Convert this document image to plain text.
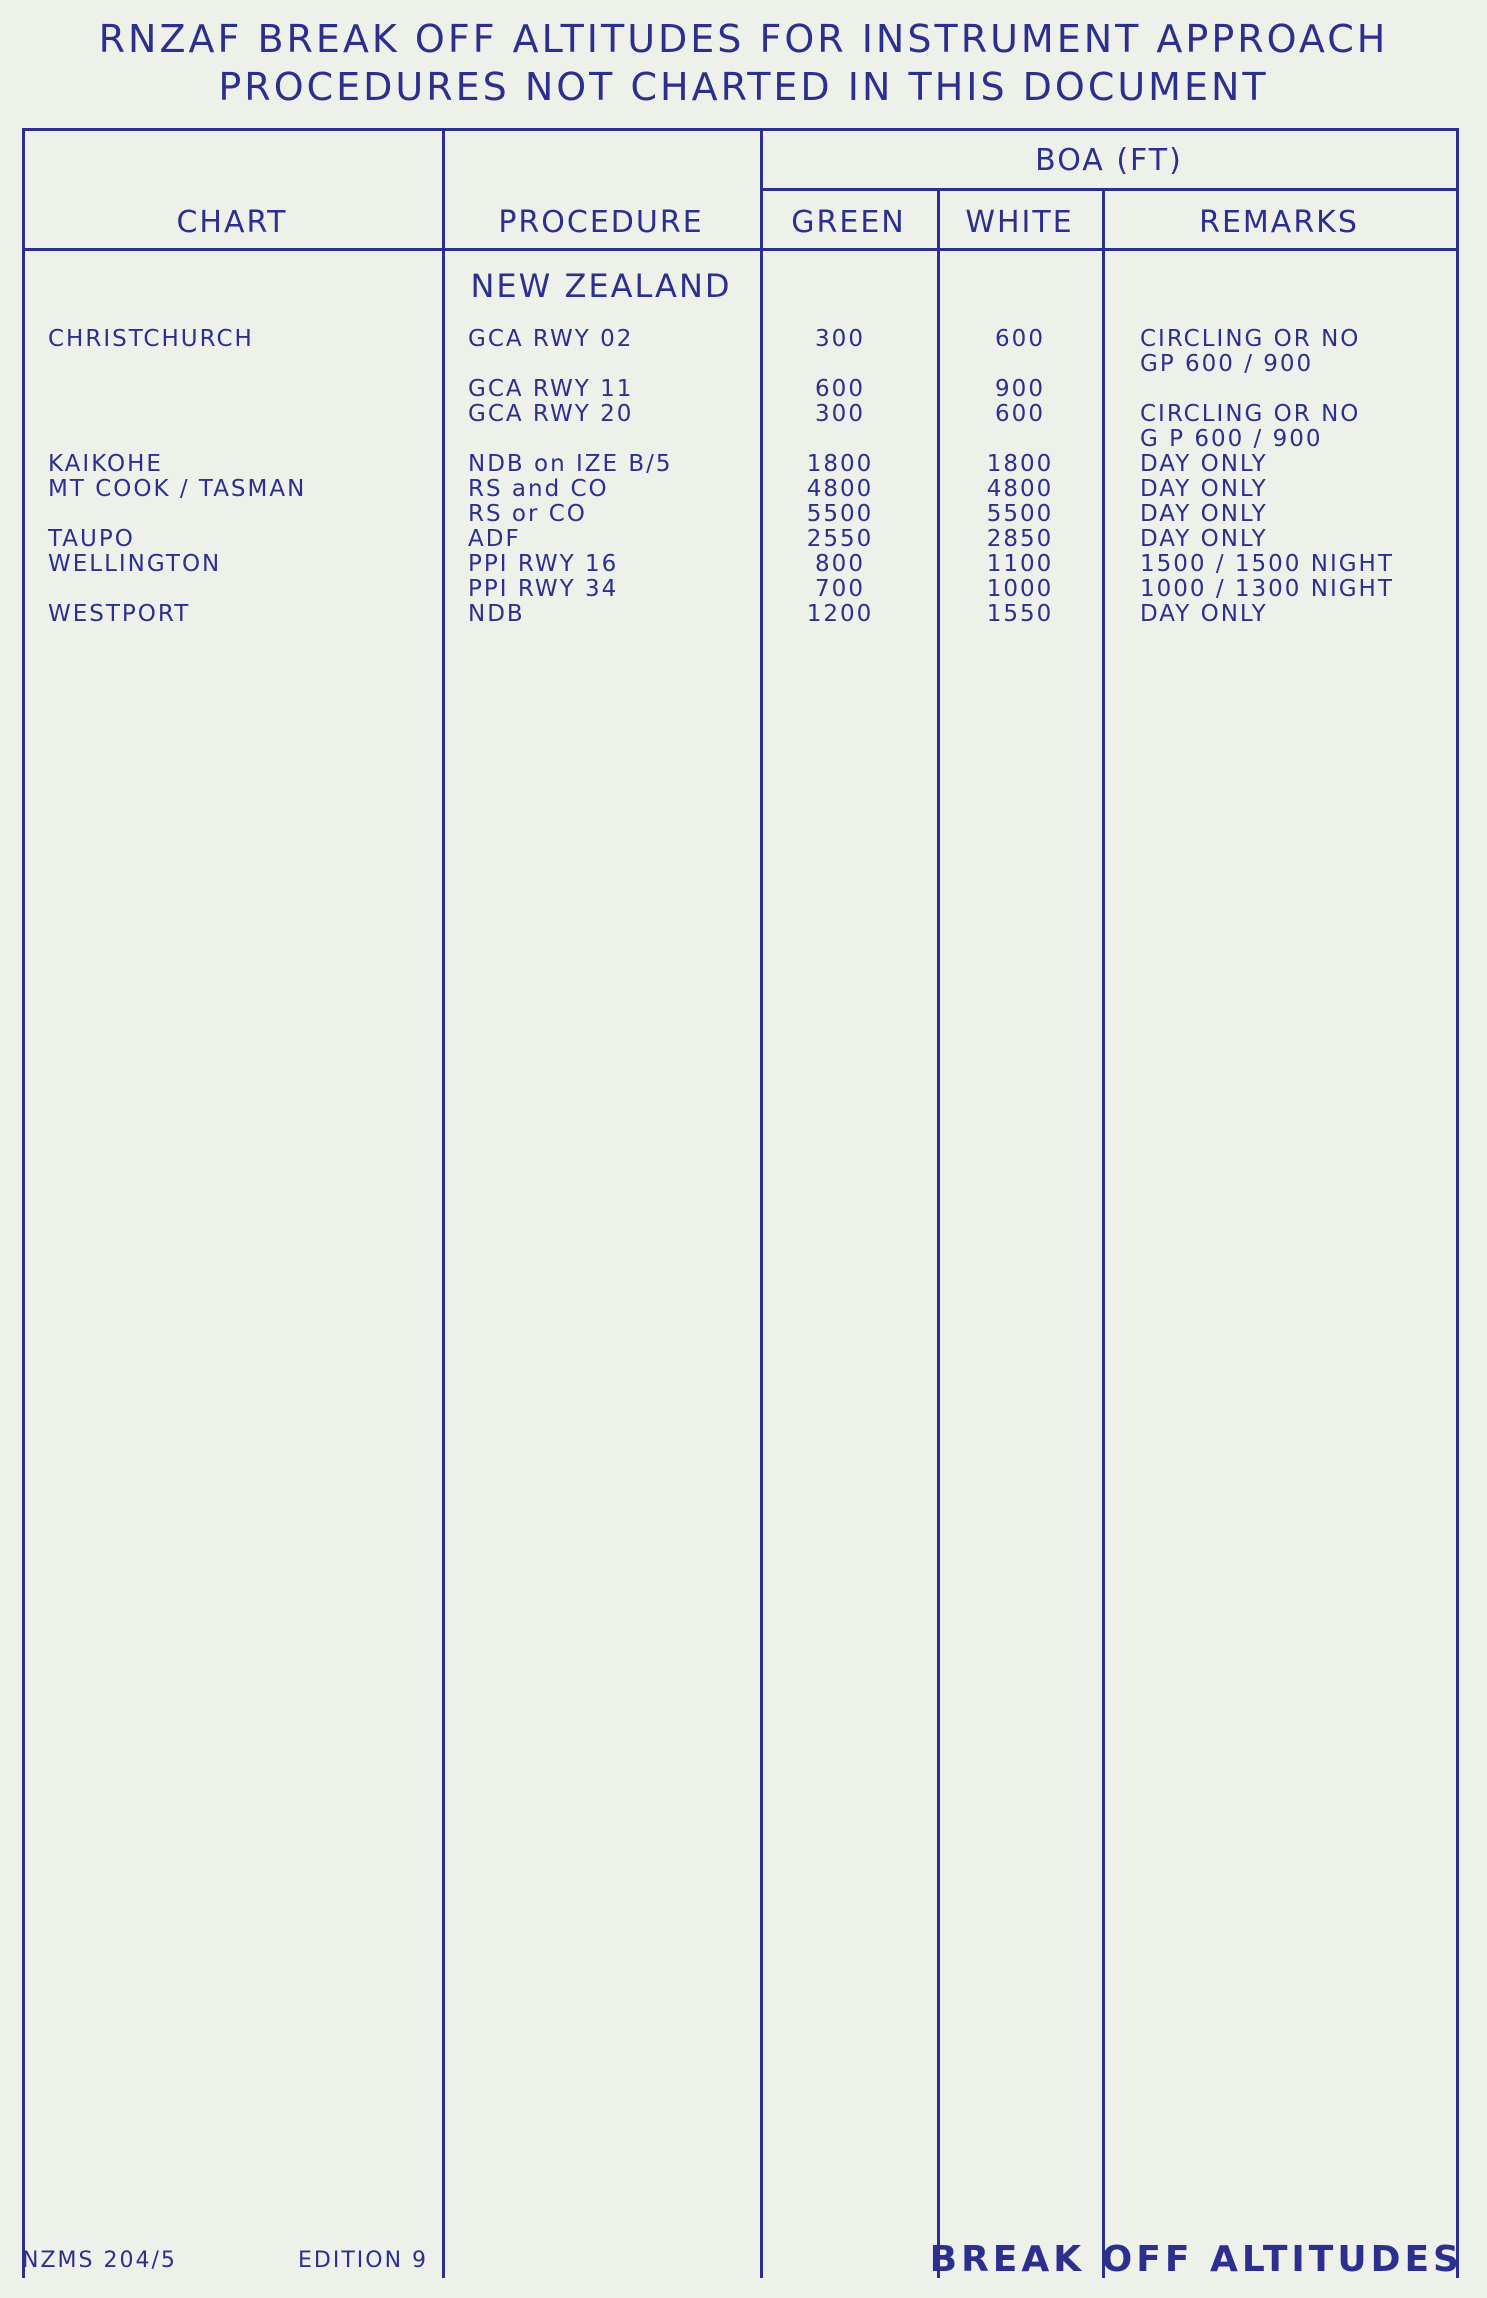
RNZAF BREAK OFF ALTITUDES FOR INSTRUMENT APPROACH
PROCEDURES NOT CHARTED IN THIS DOCUMENT
CHART	PROCEDURE
BOA (FT)
GREEN	WHITE	REMARKS
NEW ZEALAND
CHRISTCHURCH	GCA RWY 02	300	600	CIRCLING OR NO
GP 600 / 900
GCA RWY 11	600	900
GCA RWY 20	300	600	CIRCLING OR NO
G P 600 / 900
KAIKOHE	NDB on IZE B/5	1800	1800	DAY ONLY
MT COOK / TASMAN	RS and CO	4800	4800	DAY ONLY
RS or CO	5500	5500	DAY ONLY
TAUPO	ADF	2550	2850	DAY ONLY
WELLINGTON	PPI RWY 16	800	1100	1500 / 1500 NIGHT
PPI RWY 34	700	1000	1000 / 1300 NIGHT
WESTPORT	NDB	1200	1550	DAY ONLY
NZMS 204/5	EDITION 9	BREAK OFF ALTITUDES
